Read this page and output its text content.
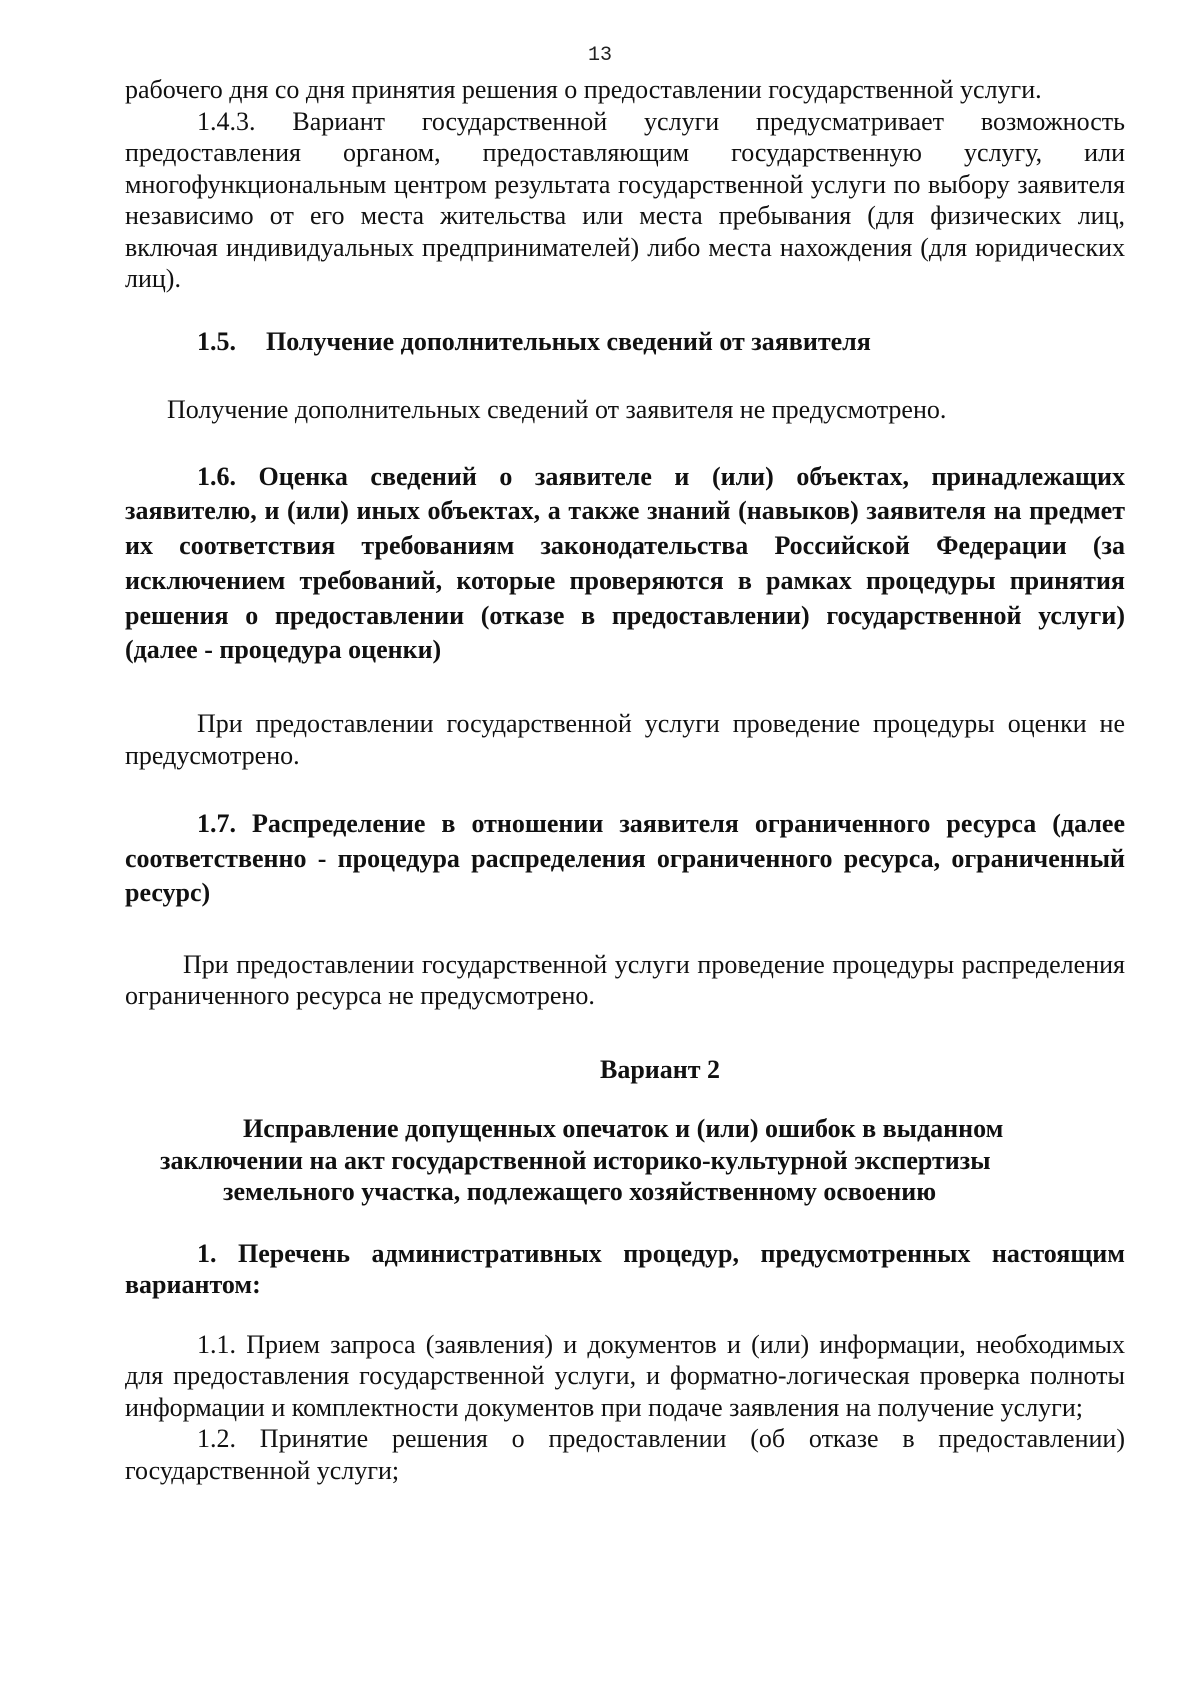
13

рабочего дня со дня принятия решения о предоставлении государственной услуги.

1.4.3. Вариант государственной услуги предусматривает возможность предоставления органом, предоставляющим государственную услугу, или многофункциональным центром результата государственной услуги по выбору заявителя независимо от его места жительства или места пребывания (для физических лиц, включая индивидуальных предпринимателей) либо места нахождения (для юридических лиц).

1.5.	Получение дополнительных сведений от заявителя

Получение дополнительных сведений от заявителя не предусмотрено.

1.6. Оценка сведений о заявителе и (или) объектах, принадлежащих заявителю, и (или) иных объектах, а также знаний (навыков) заявителя на предмет их соответствия требованиям законодательства Российской Федерации (за исключением требований, которые проверяются в рамках процедуры принятия решения о предоставлении (отказе в предоставлении) государственной услуги) (далее - процедура оценки)

При предоставлении государственной услуги проведение процедуры оценки не предусмотрено.

1.7. Распределение в отношении заявителя ограниченного ресурса (далее соответственно - процедура распределения ограниченного ресурса, ограниченный ресурс)

При предоставлении государственной услуги проведение процедуры распределения ограниченного ресурса не предусмотрено.

Вариант 2

Исправление допущенных опечаток и (или) ошибок в выданном
заключении на акт государственной историко-культурной экспертизы
земельного участка, подлежащего хозяйственному освоению

1. Перечень административных процедур, предусмотренных настоящим вариантом:

1.1. Прием запроса (заявления) и документов и (или) информации, необходимых для предоставления государственной услуги, и форматно-логическая проверка полноты информации и комплектности документов при подаче заявления на получение услуги;

1.2. Принятие решения о предоставлении (об отказе в предоставлении) государственной услуги;
